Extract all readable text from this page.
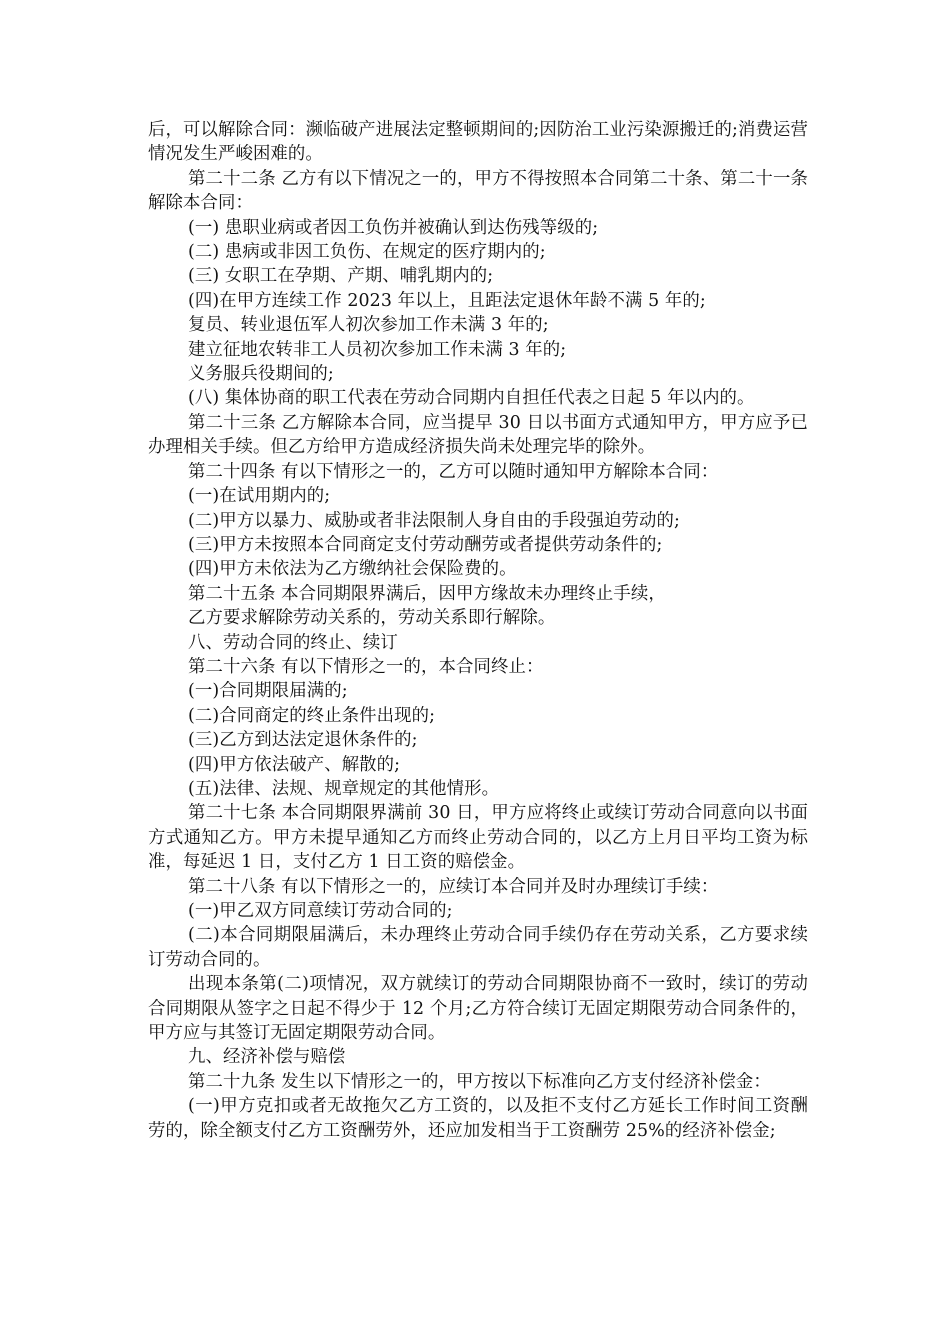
后，可以解除合同：濒临破产进展法定整顿期间的;因防治工业污染源搬迁的;消费运营情况发生严峻困难的。

第二十二条 乙方有以下情况之一的，甲方不得按照本合同第二十条、第二十一条解除本合同：

(一) 患职业病或者因工负伤并被确认到达伤残等级的;

(二) 患病或非因工负伤、在规定的医疗期内的;

(三) 女职工在孕期、产期、哺乳期内的;

(四)在甲方连续工作 2023 年以上，且距法定退休年龄不满 5 年的;

复员、转业退伍军人初次参加工作未满 3 年的;

建立征地农转非工人员初次参加工作未满 3 年的;

义务服兵役期间的;

(八) 集体协商的职工代表在劳动合同期内自担任代表之日起 5 年以内的。

第二十三条 乙方解除本合同，应当提早 30 日以书面方式通知甲方，甲方应予已办理相关手续。但乙方给甲方造成经济损失尚未处理完毕的除外。

第二十四条 有以下情形之一的，乙方可以随时通知甲方解除本合同：

(一)在试用期内的;

(二)甲方以暴力、威胁或者非法限制人身自由的手段强迫劳动的;

(三)甲方未按照本合同商定支付劳动酬劳或者提供劳动条件的;

(四)甲方未依法为乙方缴纳社会保险费的。

第二十五条 本合同期限界满后，因甲方缘故未办理终止手续，

乙方要求解除劳动关系的，劳动关系即行解除。

八、劳动合同的终止、续订

第二十六条 有以下情形之一的，本合同终止：

(一)合同期限届满的;

(二)合同商定的终止条件出现的;

(三)乙方到达法定退休条件的;

(四)甲方依法破产、解散的;

(五)法律、法规、规章规定的其他情形。

第二十七条 本合同期限界满前 30 日，甲方应将终止或续订劳动合同意向以书面方式通知乙方。甲方未提早通知乙方而终止劳动合同的，以乙方上月日平均工资为标准，每延迟 1 日，支付乙方 1 日工资的赔偿金。

第二十八条 有以下情形之一的，应续订本合同并及时办理续订手续：

(一)甲乙双方同意续订劳动合同的;

(二)本合同期限届满后，未办理终止劳动合同手续仍存在劳动关系，乙方要求续订劳动合同的。

出现本条第(二)项情况，双方就续订的劳动合同期限协商不一致时，续订的劳动合同期限从签字之日起不得少于 12 个月;乙方符合续订无固定期限劳动合同条件的，甲方应与其签订无固定期限劳动合同。

九、经济补偿与赔偿

第二十九条 发生以下情形之一的，甲方按以下标准向乙方支付经济补偿金：

(一)甲方克扣或者无故拖欠乙方工资的，以及拒不支付乙方延长工作时间工资酬劳的，除全额支付乙方工资酬劳外，还应加发相当于工资酬劳 25%的经济补偿金;
